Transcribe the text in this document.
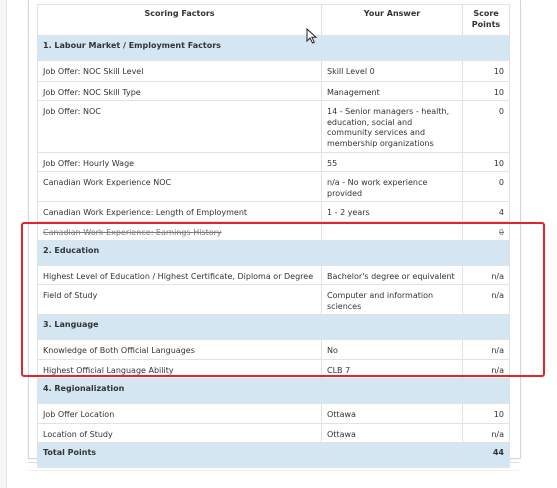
Scoring Factors	Your Answer	Score Points
1. Labour Market / Employment Factors		
Job Offer: NOC Skill Level	Skill Level 0	10
Job Offer: NOC Skill Type	Management	10
Job Offer: NOC	14 - Senior managers - health, education, social and community services and membership organizations	0
Job Offer: Hourly Wage	55	10
Canadian Work Experience NOC	n/a - No work experience provided	0
Canadian Work Experience: Length of Employment	1 - 2 years	4
Canadian Work Experience: Earnings History		0
2. Education		
Highest Level of Education / Highest Certificate, Diploma or Degree	Bachelor's degree or equivalent	n/a
Field of Study	Computer and information sciences	n/a
3. Language		
Knowledge of Both Official Languages	No	n/a
Highest Official Language Ability	CLB 7	n/a
4. Regionalization		
Job Offer Location	Ottawa	10
Location of Study	Ottawa	n/a
Total Points		44
